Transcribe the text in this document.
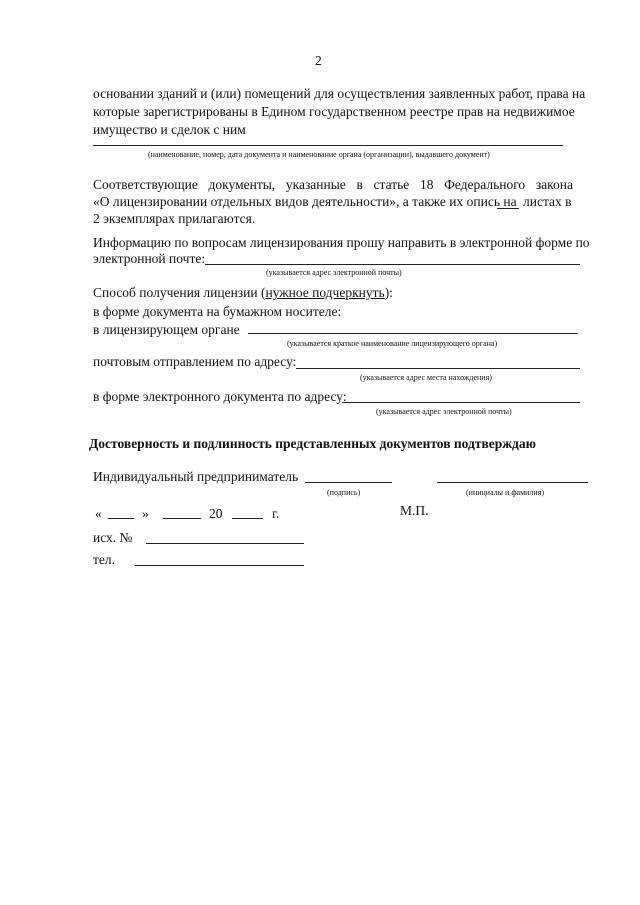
2
основании зданий и (или) помещений для осуществления заявленных работ, права на
которые зарегистрированы в Едином государственном реестре прав на недвижимое
имущество и сделок с ним
(наименование, номер, дата документа и наименование органа (организации), выдавшего документ)
Соответствующие документы, указанные в статье 18 Федерального закона
«О лицензировании отдельных видов деятельности», а также их опись на листах в
2 экземплярах прилагаются.
Информацию по вопросам лицензирования прошу направить в электронной форме по
электронной почте:
(указывается адрес электронной почты)
Способ получения лицензии (нужное подчеркнуть):
в форме документа на бумажном носителе:
в лицензирующем органе
(указывается краткое наименование лицензирующего органа)
почтовым отправлением по адресу:
(указывается адрес места нахождения)
в форме электронного документа по адресу:
(указывается адрес электронной почты)
Достоверность и подлинность представленных документов подтверждаю
Индивидуальный предприниматель
(подпись)	(инициалы и фамилия)
«	»	20	г.	М.П.
исх. №
тел.
